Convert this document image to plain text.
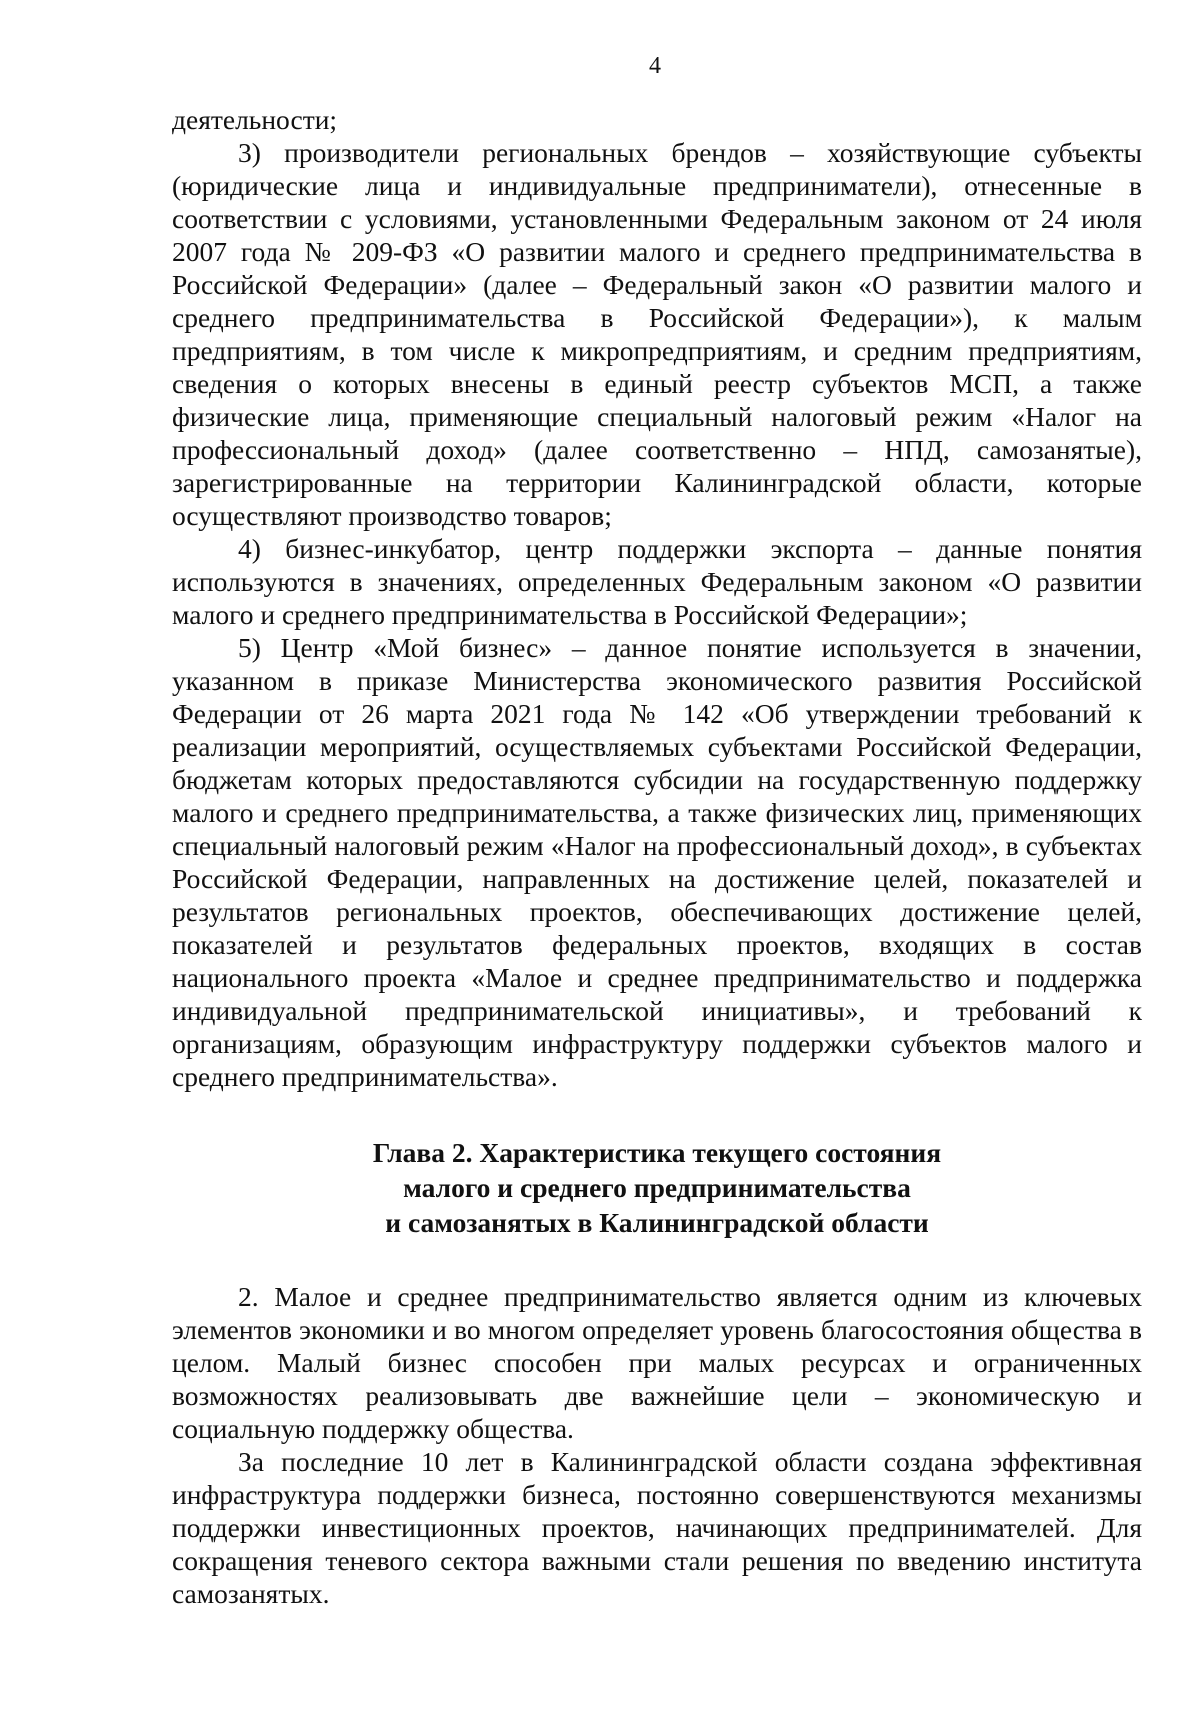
4

деятельности;

3) производители региональных брендов – хозяйствующие субъекты (юридические лица и индивидуальные предприниматели), отнесенные в соответствии с условиями, установленными Федеральным законом от 24 июля 2007 года № 209-ФЗ «О развитии малого и среднего предпринимательства в Российской Федерации» (далее – Федеральный закон «О развитии малого и среднего предпринимательства в Российской Федерации»), к малым предприятиям, в том числе к микропредприятиям, и средним предприятиям, сведения о которых внесены в единый реестр субъектов МСП, а также физические лица, применяющие специальный налоговый режим «Налог на профессиональный доход» (далее соответственно – НПД, самозанятые), зарегистрированные на территории Калининградской области, которые осуществляют производство товаров;

4) бизнес-инкубатор, центр поддержки экспорта – данные понятия используются в значениях, определенных Федеральным законом «О развитии малого и среднего предпринимательства в Российской Федерации»;

5) Центр «Мой бизнес» – данное понятие используется в значении, указанном в приказе Министерства экономического развития Российской Федерации от 26 марта 2021 года № 142 «Об утверждении требований к реализации мероприятий, осуществляемых субъектами Российской Федерации, бюджетам которых предоставляются субсидии на государственную поддержку малого и среднего предпринимательства, а также физических лиц, применяющих специальный налоговый режим «Налог на профессиональный доход», в субъектах Российской Федерации, направленных на достижение целей, показателей и результатов региональных проектов, обеспечивающих достижение целей, показателей и результатов федеральных проектов, входящих в состав национального проекта «Малое и среднее предпринимательство и поддержка индивидуальной предпринимательской инициативы», и требований к организациям, образующим инфраструктуру поддержки субъектов малого и среднего предпринимательства».

Глава 2. Характеристика текущего состояния
малого и среднего предпринимательства
и самозанятых в Калининградской области

2. Малое и среднее предпринимательство является одним из ключевых элементов экономики и во многом определяет уровень благосостояния общества в целом. Малый бизнес способен при малых ресурсах и ограниченных возможностях реализовывать две важнейшие цели – экономическую и социальную поддержку общества.

За последние 10 лет в Калининградской области создана эффективная инфраструктура поддержки бизнеса, постоянно совершенствуются механизмы поддержки инвестиционных проектов, начинающих предпринимателей. Для сокращения теневого сектора важными стали решения по введению института самозанятых.
